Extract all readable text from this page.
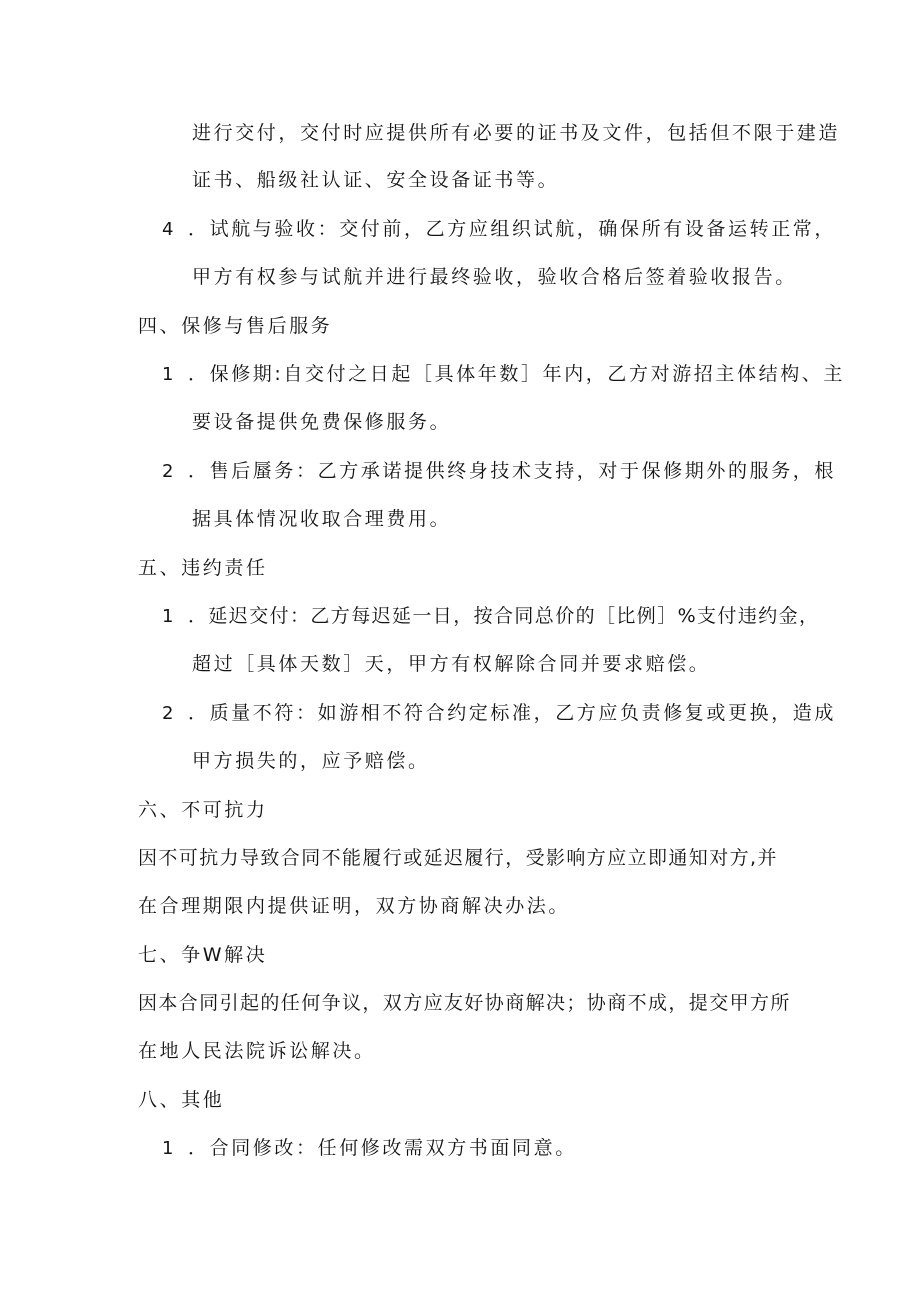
进行交付，交付时应提供所有必要的证书及文件，包括但不限于建造
证书、船级社认证、安全设备证书等。
4 ．试航与验收：交付前，乙方应组织试航，确保所有设备运转正常，
甲方有权参与试航并进行最终验收，验收合格后签着验收报告。
四、保修与售后服务
1 ．保修期:自交付之日起［具体年数］年内，乙方对游招主体结构、主
要设备提供免费保修服务。
2 ．售后蜃务：乙方承诺提供终身技术支持，对于保修期外的服务，根
据具体情况收取合理费用。
五、违约责任
1 ．延迟交付：乙方每迟延一日，按合同总价的［比例］%支付违约金，
超过［具体天数］天，甲方有权解除合同并要求赔偿。
2 ．质量不符：如游相不符合约定标准，乙方应负责修复或更换，造成
甲方损失的，应予赔偿。
六、不可抗力
因不可抗力导致合同不能履行或延迟履行，受影响方应立即通知对方,并
在合理期限内提供证明，双方协商解决办法。
七、争W解决
因本合同引起的任何争议，双方应友好协商解决；协商不成，提交甲方所
在地人民法院诉讼解决。
八、其他
1 ．合同修改：任何修改需双方书面同意。
